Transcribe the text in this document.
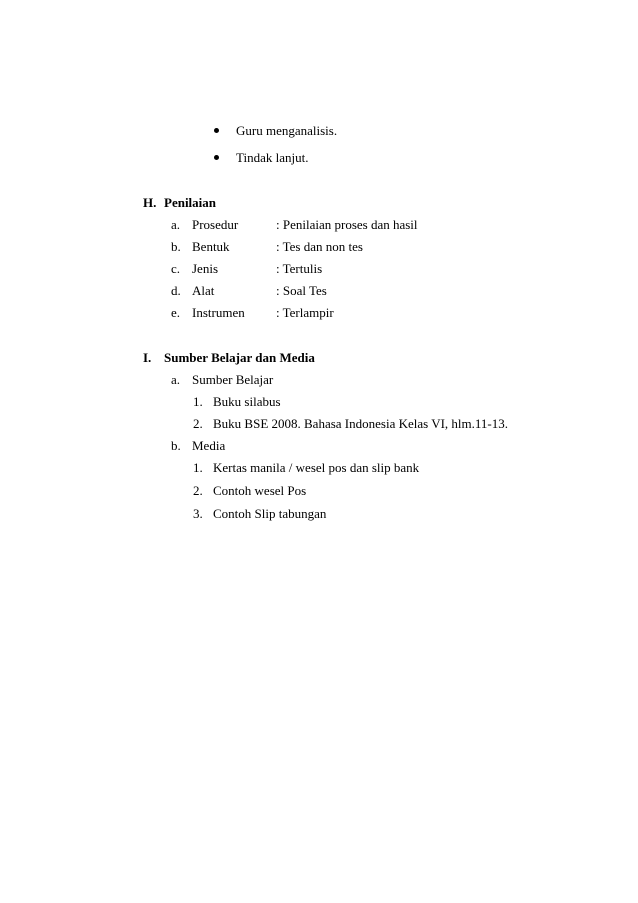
Guru menganalisis.
Tindak lanjut.
H. Penilaian
a. Prosedur	: Penilaian proses dan hasil
b. Bentuk	: Tes dan non tes
c. Jenis	: Tertulis
d. Alat	: Soal Tes
e. Instrumen : Terlampir
I. Sumber Belajar dan Media
a. Sumber Belajar
1. Buku silabus
2. Buku BSE 2008. Bahasa Indonesia Kelas VI, hlm.11-13.
b. Media
1. Kertas manila / wesel pos dan slip bank
2. Contoh wesel Pos
3. Contoh Slip tabungan
